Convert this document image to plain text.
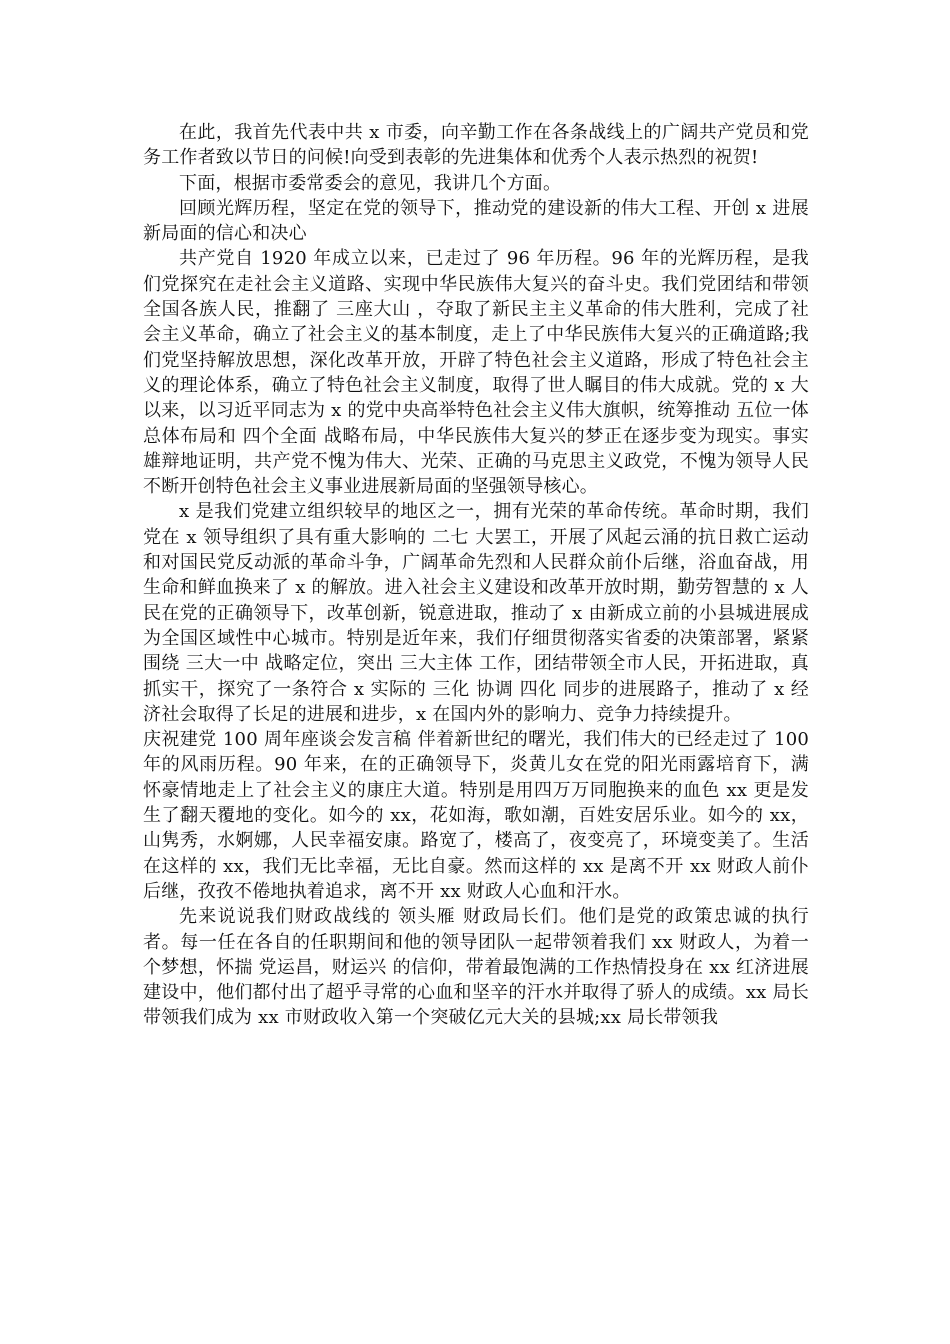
在此，我首先代表中共 x 市委，向辛勤工作在各条战线上的广阔共产党员和党务工作者致以节日的问候!向受到表彰的先进集体和优秀个人表示热烈的祝贺!

下面，根据市委常委会的意见，我讲几个方面。

回顾光辉历程，坚定在党的领导下，推动党的建设新的伟大工程、开创 x 进展新局面的信心和决心

共产党自 1920 年成立以来，已走过了 96 年历程。96 年的光辉历程，是我们党探究在走社会主义道路、实现中华民族伟大复兴的奋斗史。我们党团结和带领全国各族人民，推翻了 三座大山 ，夺取了新民主主义革命的伟大胜利，完成了社会主义革命，确立了社会主义的基本制度，走上了中华民族伟大复兴的正确道路;我们党坚持解放思想，深化改革开放，开辟了特色社会主义道路，形成了特色社会主义的理论体系，确立了特色社会主义制度，取得了世人瞩目的伟大成就。党的 x 大以来，以习近平同志为 x 的党中央高举特色社会主义伟大旗帜，统筹推动 五位一体 总体布局和 四个全面 战略布局，中华民族伟大复兴的梦正在逐步变为现实。事实雄辩地证明，共产党不愧为伟大、光荣、正确的马克思主义政党，不愧为领导人民不断开创特色社会主义事业进展新局面的坚强领导核心。

x 是我们党建立组织较早的地区之一，拥有光荣的革命传统。革命时期，我们党在 x 领导组织了具有重大影响的 二七 大罢工，开展了风起云涌的抗日救亡运动和对国民党反动派的革命斗争，广阔革命先烈和人民群众前仆后继，浴血奋战，用生命和鲜血换来了 x 的解放。进入社会主义建设和改革开放时期，勤劳智慧的 x 人民在党的正确领导下，改革创新，锐意进取，推动了 x 由新成立前的小县城进展成为全国区域性中心城市。特别是近年来，我们仔细贯彻落实省委的决策部署，紧紧围绕 三大一中 战略定位，突出 三大主体 工作，团结带领全市人民，开拓进取，真抓实干，探究了一条符合 x 实际的 三化 协调 四化 同步的进展路子，推动了 x 经济社会取得了长足的进展和进步，x 在国内外的影响力、竞争力持续提升。

庆祝建党 100 周年座谈会发言稿 伴着新世纪的曙光，我们伟大的已经走过了 100 年的风雨历程。90 年来，在的正确领导下，炎黄儿女在党的阳光雨露培育下，满怀豪情地走上了社会主义的康庄大道。特别是用四万万同胞换来的血色 xx 更是发生了翻天覆地的变化。如今的 xx，花如海，歌如潮，百姓安居乐业。如今的 xx，山隽秀，水婀娜，人民幸福安康。路宽了，楼高了，夜变亮了，环境变美了。生活在这样的 xx，我们无比幸福，无比自豪。然而这样的 xx 是离不开 xx 财政人前仆后继，孜孜不倦地执着追求，离不开 xx 财政人心血和汗水。

先来说说我们财政战线的 领头雁 财政局长们。他们是党的政策忠诚的执行者。每一任在各自的任职期间和他的领导团队一起带领着我们 xx 财政人，为着一个梦想，怀揣 党运昌，财运兴 的信仰，带着最饱满的工作热情投身在 xx 红济进展建设中，他们都付出了超乎寻常的心血和坚辛的汗水并取得了骄人的成绩。xx 局长带领我们成为 xx 市财政收入第一个突破亿元大关的县城;xx 局长带领我
